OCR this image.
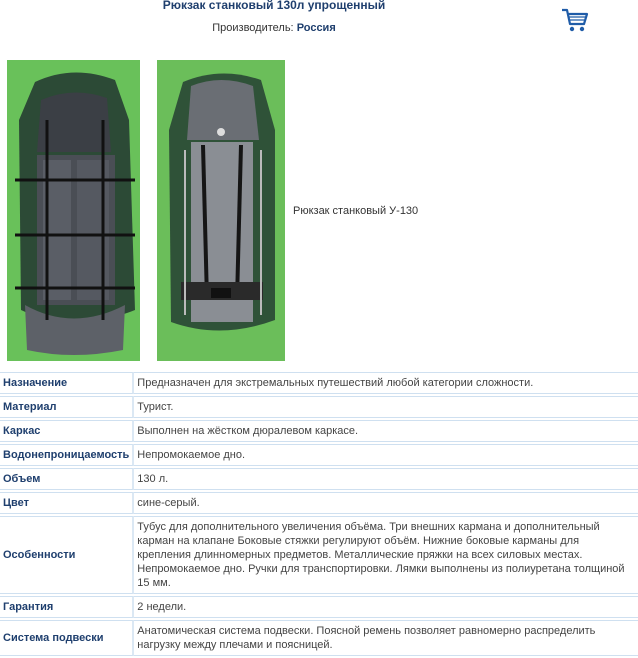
Рюкзак станковый 130л упрощенный
Производитель: Россия
Рюкзак станковый У-130
Назначение	Предназначен для экстремальных путешествий любой категории сложности.
Материал	Турист.
Каркас	Выполнен на жёстком дюралевом каркасе.
Водонепроницаемость	Непромокаемое дно.
Объем	130 л.
Цвет	сине-серый.
Особенности	Тубус для дополнительного увеличения объёма. Три внешних кармана и дополнительный карман на клапане Боковые стяжки регулируют объём. Нижние боковые карманы для крепления длинномерных предметов. Металлические пряжки на всех силовых местах. Непромокаемое дно. Ручки для транспортировки. Лямки выполнены из полиуретана толщиной 15 мм.
Гарантия	2 недели.
Система подвески	Анатомическая система подвески. Поясной ремень позволяет равномерно распределить нагрузку между плечами и поясницей.
